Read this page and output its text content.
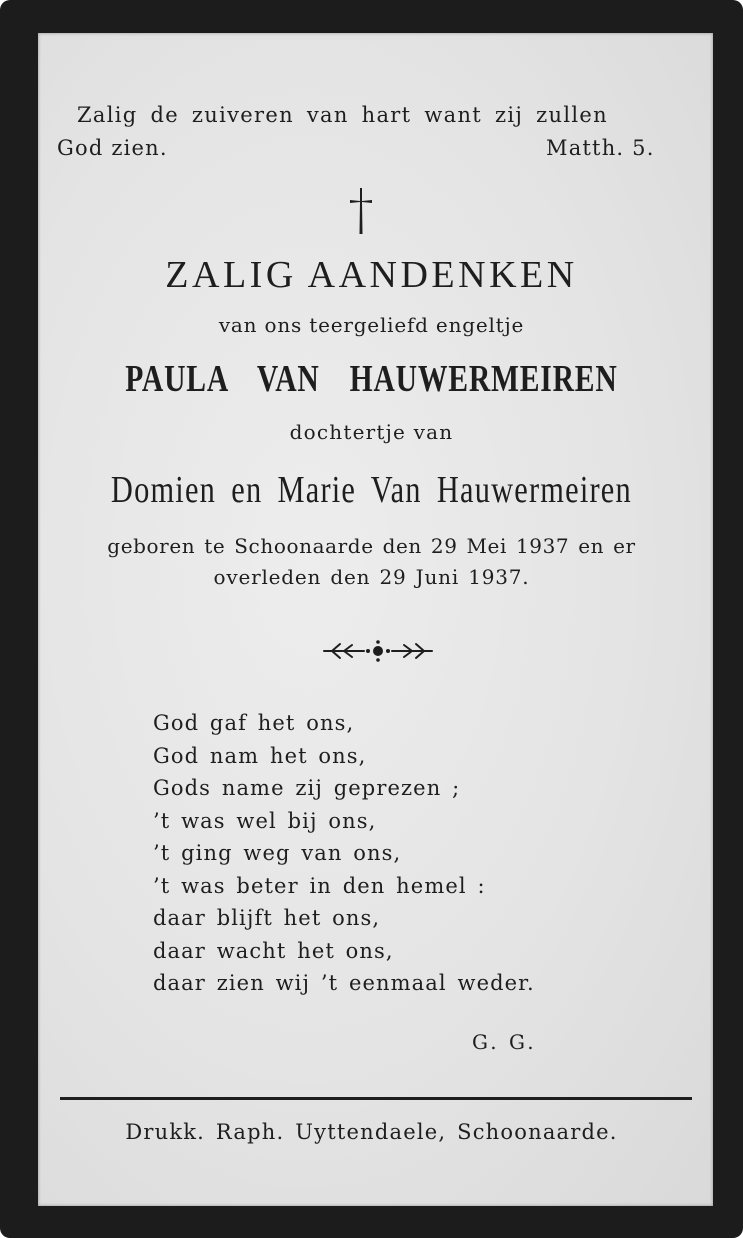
Zalig de zuiveren van hart want zij zullen

God zien.	Matth. 5.

ZALIG AANDENKEN

van ons teergeliefd engeltje

PAULA VAN HAUWERMEIREN

dochtertje van

Domien en Marie Van Hauwermeiren

geboren te Schoonaarde den 29 Mei 1937 en er

overleden den 29 Juni 1937.

God gaf het ons,
God nam het ons,
Gods name zij geprezen ;
’t was wel bij ons,
’t ging weg van ons,
’t was beter in den hemel :
daar blijft het ons,
daar wacht het ons,
daar zien wij ’t eenmaal weder.

G. G.

Drukk. Raph. Uyttendaele, Schoonaarde.
